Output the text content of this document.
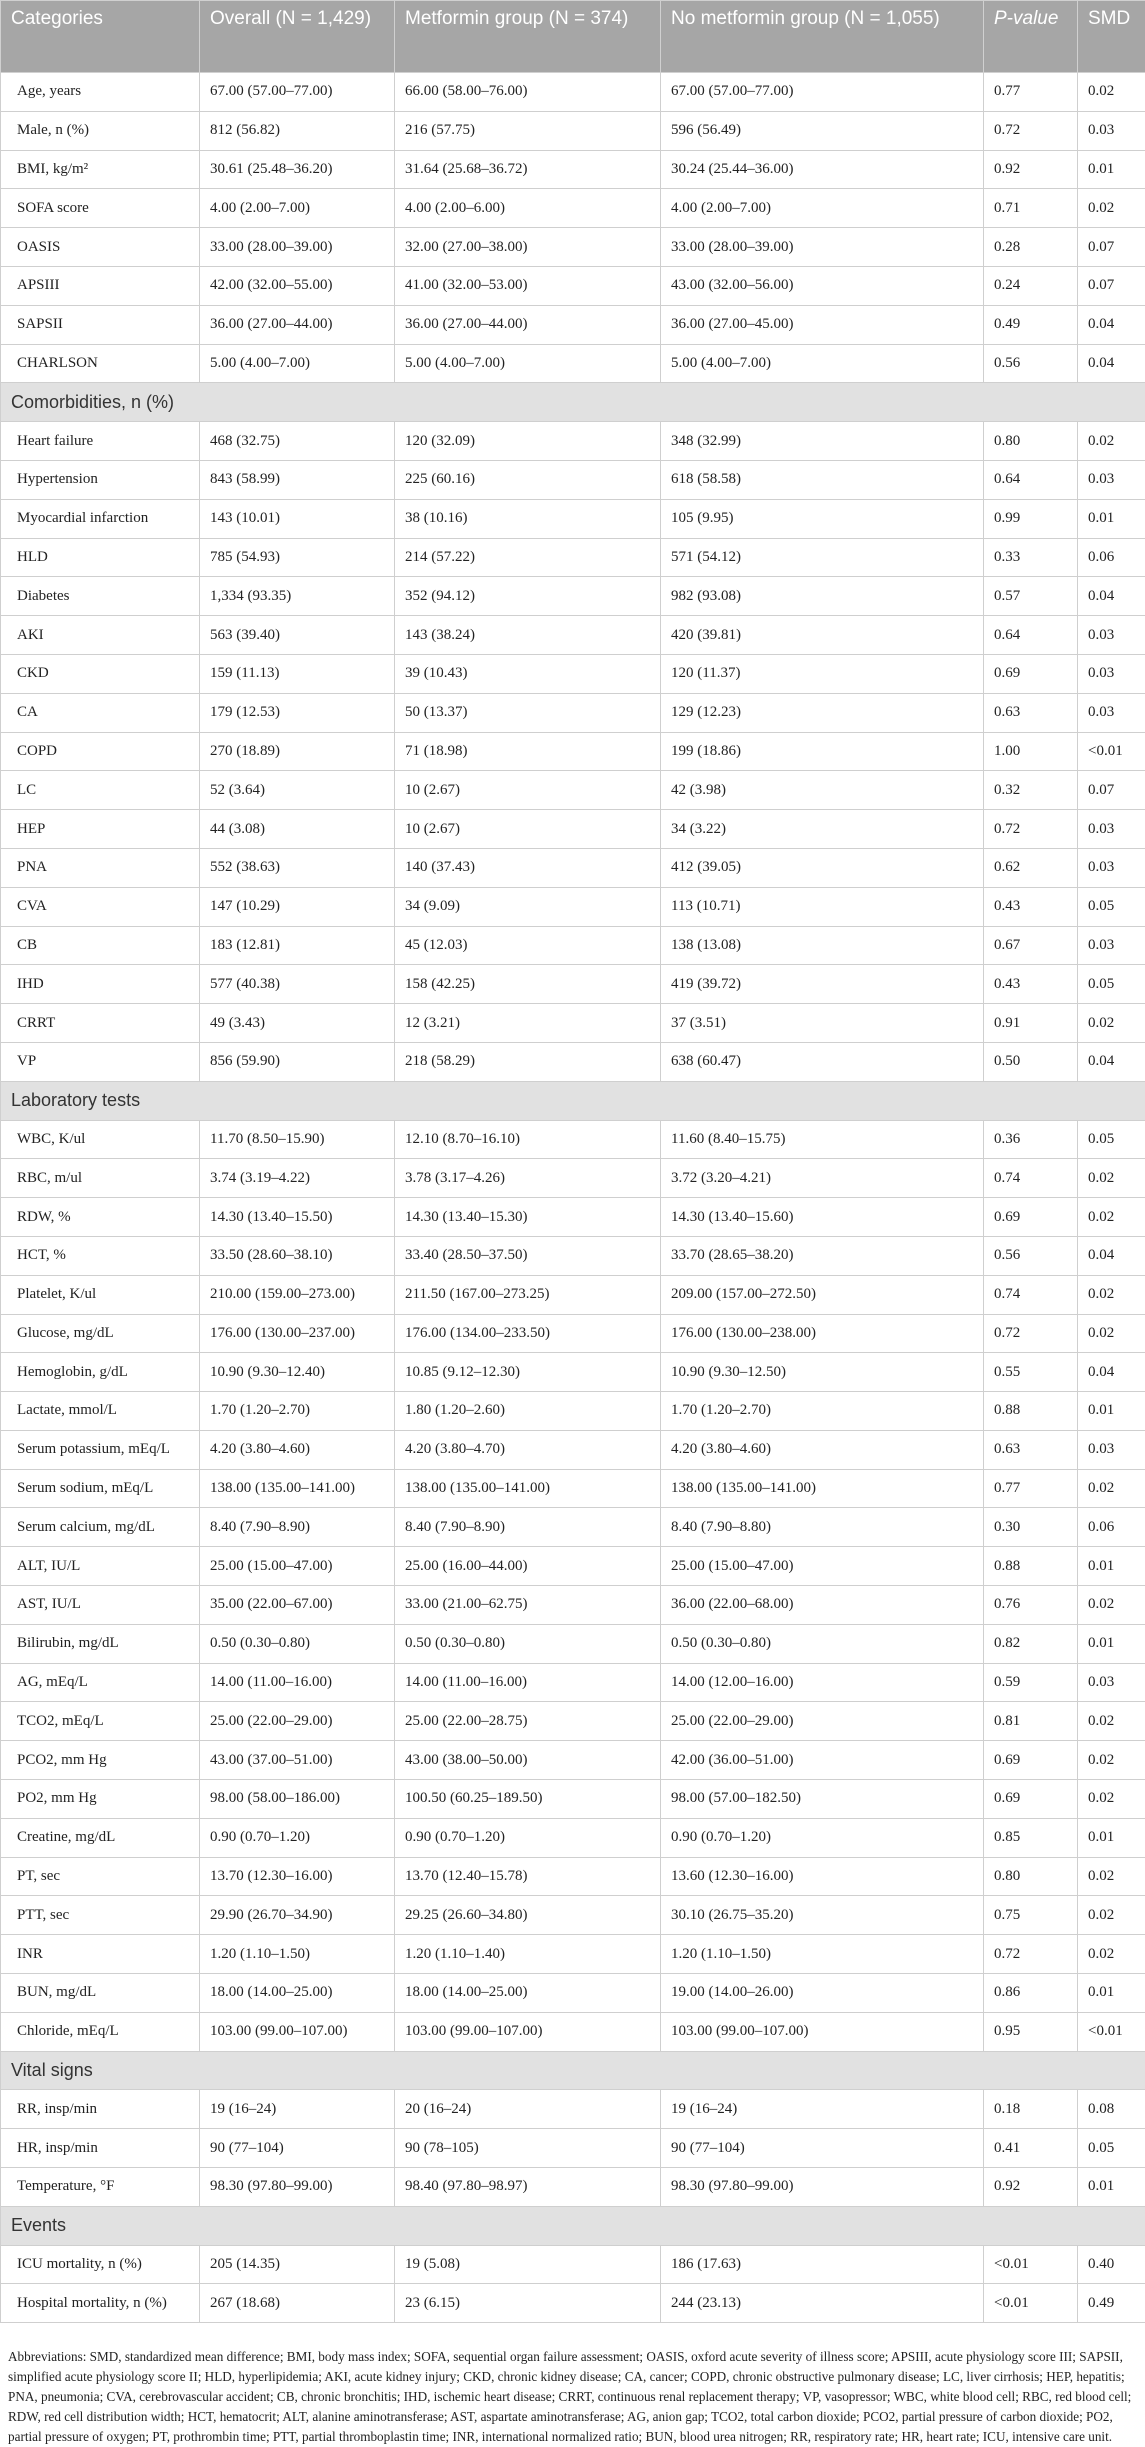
Categories	Overall (N = 1,429)	Metformin group (N = 374)	No metformin group (N = 1,055)	P-value	SMD
Age, years	67.00 (57.00–77.00)	66.00 (58.00–76.00)	67.00 (57.00–77.00)	0.77	0.02
Male, n (%)	812 (56.82)	216 (57.75)	596 (56.49)	0.72	0.03
BMI, kg/m²	30.61 (25.48–36.20)	31.64 (25.68–36.72)	30.24 (25.44–36.00)	0.92	0.01
SOFA score	4.00 (2.00–7.00)	4.00 (2.00–6.00)	4.00 (2.00–7.00)	0.71	0.02
OASIS	33.00 (28.00–39.00)	32.00 (27.00–38.00)	33.00 (28.00–39.00)	0.28	0.07
APSIII	42.00 (32.00–55.00)	41.00 (32.00–53.00)	43.00 (32.00–56.00)	0.24	0.07
SAPSII	36.00 (27.00–44.00)	36.00 (27.00–44.00)	36.00 (27.00–45.00)	0.49	0.04
CHARLSON	5.00 (4.00–7.00)	5.00 (4.00–7.00)	5.00 (4.00–7.00)	0.56	0.04
Comorbidities, n (%)					
Heart failure	468 (32.75)	120 (32.09)	348 (32.99)	0.80	0.02
Hypertension	843 (58.99)	225 (60.16)	618 (58.58)	0.64	0.03
Myocardial infarction	143 (10.01)	38 (10.16)	105 (9.95)	0.99	0.01
HLD	785 (54.93)	214 (57.22)	571 (54.12)	0.33	0.06
Diabetes	1,334 (93.35)	352 (94.12)	982 (93.08)	0.57	0.04
AKI	563 (39.40)	143 (38.24)	420 (39.81)	0.64	0.03
CKD	159 (11.13)	39 (10.43)	120 (11.37)	0.69	0.03
CA	179 (12.53)	50 (13.37)	129 (12.23)	0.63	0.03
COPD	270 (18.89)	71 (18.98)	199 (18.86)	1.00	<0.01
LC	52 (3.64)	10 (2.67)	42 (3.98)	0.32	0.07
HEP	44 (3.08)	10 (2.67)	34 (3.22)	0.72	0.03
PNA	552 (38.63)	140 (37.43)	412 (39.05)	0.62	0.03
CVA	147 (10.29)	34 (9.09)	113 (10.71)	0.43	0.05
CB	183 (12.81)	45 (12.03)	138 (13.08)	0.67	0.03
IHD	577 (40.38)	158 (42.25)	419 (39.72)	0.43	0.05
CRRT	49 (3.43)	12 (3.21)	37 (3.51)	0.91	0.02
VP	856 (59.90)	218 (58.29)	638 (60.47)	0.50	0.04
Laboratory tests					
WBC, K/ul	11.70 (8.50–15.90)	12.10 (8.70–16.10)	11.60 (8.40–15.75)	0.36	0.05
RBC, m/ul	3.74 (3.19–4.22)	3.78 (3.17–4.26)	3.72 (3.20–4.21)	0.74	0.02
RDW, %	14.30 (13.40–15.50)	14.30 (13.40–15.30)	14.30 (13.40–15.60)	0.69	0.02
HCT, %	33.50 (28.60–38.10)	33.40 (28.50–37.50)	33.70 (28.65–38.20)	0.56	0.04
Platelet, K/ul	210.00 (159.00–273.00)	211.50 (167.00–273.25)	209.00 (157.00–272.50)	0.74	0.02
Glucose, mg/dL	176.00 (130.00–237.00)	176.00 (134.00–233.50)	176.00 (130.00–238.00)	0.72	0.02
Hemoglobin, g/dL	10.90 (9.30–12.40)	10.85 (9.12–12.30)	10.90 (9.30–12.50)	0.55	0.04
Lactate, mmol/L	1.70 (1.20–2.70)	1.80 (1.20–2.60)	1.70 (1.20–2.70)	0.88	0.01
Serum potassium, mEq/L	4.20 (3.80–4.60)	4.20 (3.80–4.70)	4.20 (3.80–4.60)	0.63	0.03
Serum sodium, mEq/L	138.00 (135.00–141.00)	138.00 (135.00–141.00)	138.00 (135.00–141.00)	0.77	0.02
Serum calcium, mg/dL	8.40 (7.90–8.90)	8.40 (7.90–8.90)	8.40 (7.90–8.80)	0.30	0.06
ALT, IU/L	25.00 (15.00–47.00)	25.00 (16.00–44.00)	25.00 (15.00–47.00)	0.88	0.01
AST, IU/L	35.00 (22.00–67.00)	33.00 (21.00–62.75)	36.00 (22.00–68.00)	0.76	0.02
Bilirubin, mg/dL	0.50 (0.30–0.80)	0.50 (0.30–0.80)	0.50 (0.30–0.80)	0.82	0.01
AG, mEq/L	14.00 (11.00–16.00)	14.00 (11.00–16.00)	14.00 (12.00–16.00)	0.59	0.03
TCO2, mEq/L	25.00 (22.00–29.00)	25.00 (22.00–28.75)	25.00 (22.00–29.00)	0.81	0.02
PCO2, mm Hg	43.00 (37.00–51.00)	43.00 (38.00–50.00)	42.00 (36.00–51.00)	0.69	0.02
PO2, mm Hg	98.00 (58.00–186.00)	100.50 (60.25–189.50)	98.00 (57.00–182.50)	0.69	0.02
Creatine, mg/dL	0.90 (0.70–1.20)	0.90 (0.70–1.20)	0.90 (0.70–1.20)	0.85	0.01
PT, sec	13.70 (12.30–16.00)	13.70 (12.40–15.78)	13.60 (12.30–16.00)	0.80	0.02
PTT, sec	29.90 (26.70–34.90)	29.25 (26.60–34.80)	30.10 (26.75–35.20)	0.75	0.02
INR	1.20 (1.10–1.50)	1.20 (1.10–1.40)	1.20 (1.10–1.50)	0.72	0.02
BUN, mg/dL	18.00 (14.00–25.00)	18.00 (14.00–25.00)	19.00 (14.00–26.00)	0.86	0.01
Chloride, mEq/L	103.00 (99.00–107.00)	103.00 (99.00–107.00)	103.00 (99.00–107.00)	0.95	<0.01
Vital signs					
RR, insp/min	19 (16–24)	20 (16–24)	19 (16–24)	0.18	0.08
HR, insp/min	90 (77–104)	90 (78–105)	90 (77–104)	0.41	0.05
Temperature, °F	98.30 (97.80–99.00)	98.40 (97.80–98.97)	98.30 (97.80–99.00)	0.92	0.01
Events					
ICU mortality, n (%)	205 (14.35)	19 (5.08)	186 (17.63)	<0.01	0.40
Hospital mortality, n (%)	267 (18.68)	23 (6.15)	244 (23.13)	<0.01	0.49
Abbreviations: SMD, standardized mean difference; BMI, body mass index; SOFA, sequential organ failure assessment; OASIS, oxford acute severity of illness score; APSIII, acute physiology score III; SAPSII, simplified acute physiology score II; HLD, hyperlipidemia; AKI, acute kidney injury; CKD, chronic kidney disease; CA, cancer; COPD, chronic obstructive pulmonary disease; LC, liver cirrhosis; HEP, hepatitis; PNA, pneumonia; CVA, cerebrovascular accident; CB, chronic bronchitis; IHD, ischemic heart disease; CRRT, continuous renal replacement therapy; VP, vasopressor; WBC, white blood cell; RBC, red blood cell; RDW, red cell distribution width; HCT, hematocrit; ALT, alanine aminotransferase; AST, aspartate aminotransferase; AG, anion gap; TCO2, total carbon dioxide; PCO2, partial pressure of carbon dioxide; PO2, partial pressure of oxygen; PT, prothrombin time; PTT, partial thromboplastin time; INR, international normalized ratio; BUN, blood urea nitrogen; RR, respiratory rate; HR, heart rate; ICU, intensive care unit.
